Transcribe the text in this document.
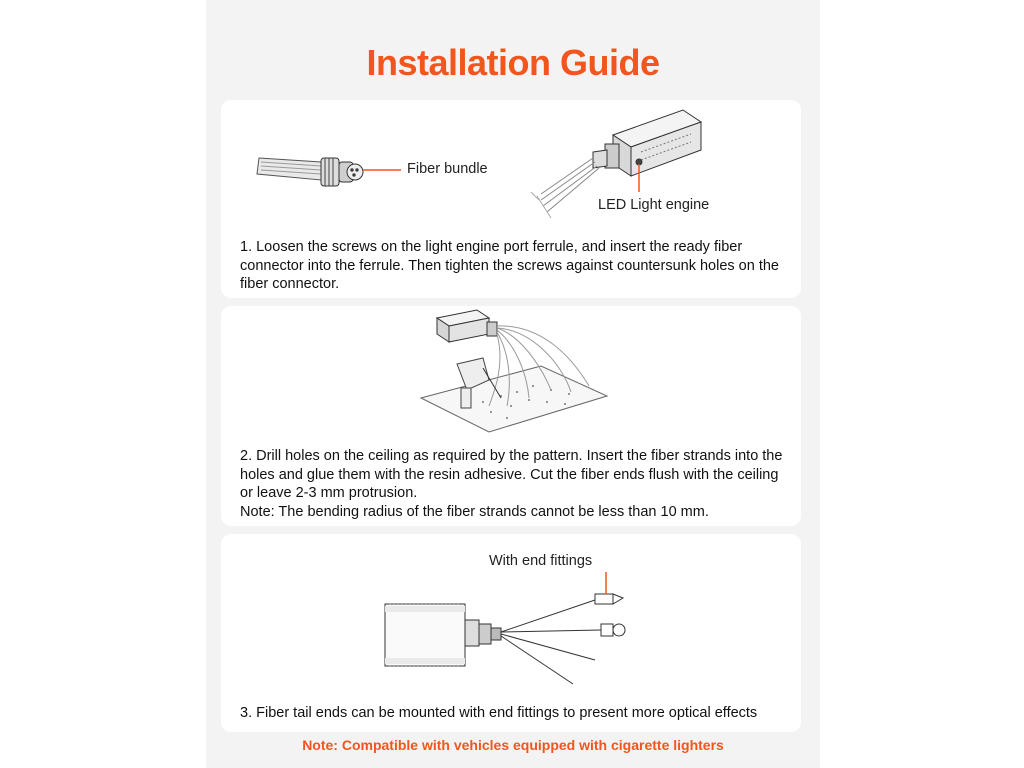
Installation Guide
Fiber bundle
LED Light engine

1. Loosen the screws on the light engine port ferrule, and insert the ready fiber connector into the ferrule. Then tighten the screws against countersunk holes on the fiber connector.

2. Drill holes on the ceiling as required by the pattern. Insert the fiber strands into the holes and glue them with the resin adhesive. Cut the fiber ends flush with the ceiling or leave 2-3 mm protrusion.

Note: The bending radius of the fiber strands cannot be less than 10 mm.

With end fittings

3. Fiber tail ends can be mounted with end fittings to present more optical effects

Note: Compatible with vehicles equipped with cigarette lighters
